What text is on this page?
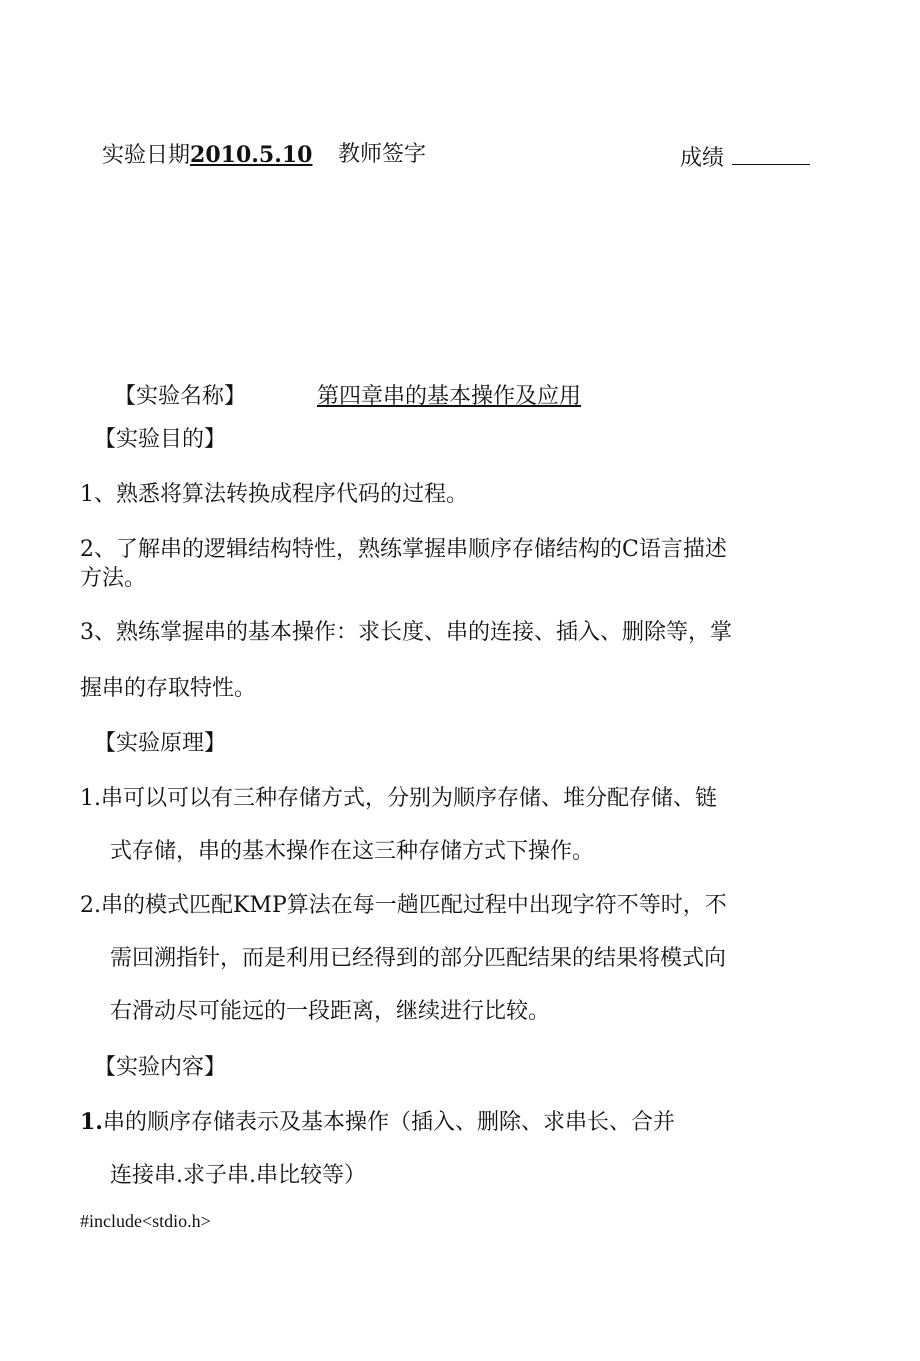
实验日期2010.5.10 教师签字	成绩
【实验名称】	第四章串的基本操作及应用
【实验目的】
1、熟悉将算法转换成程序代码的过程。
2、了解串的逻辑结构特性，熟练掌握串顺序存储结构的C语言描述
方法。
3、熟练掌握串的基本操作：求长度、串的连接、插入、删除等，掌
握串的存取特性。
【实验原理】
1.串可以可以有三种存储方式，分别为顺序存储、堆分配存储、链
式存储，串的基木操作在这三种存储方式下操作。
2.串的模式匹配KMP算法在每一趟匹配过程中出现字符不等时，不
需回溯指针，而是利用已经得到的部分匹配结果的结果将模式向
右滑动尽可能远的一段距离，继续进行比较。
【实验内容】
1.串的顺序存储表示及基本操作（插入、删除、求串长、合并
连接串.求子串.串比较等）
#include<stdio.h>
